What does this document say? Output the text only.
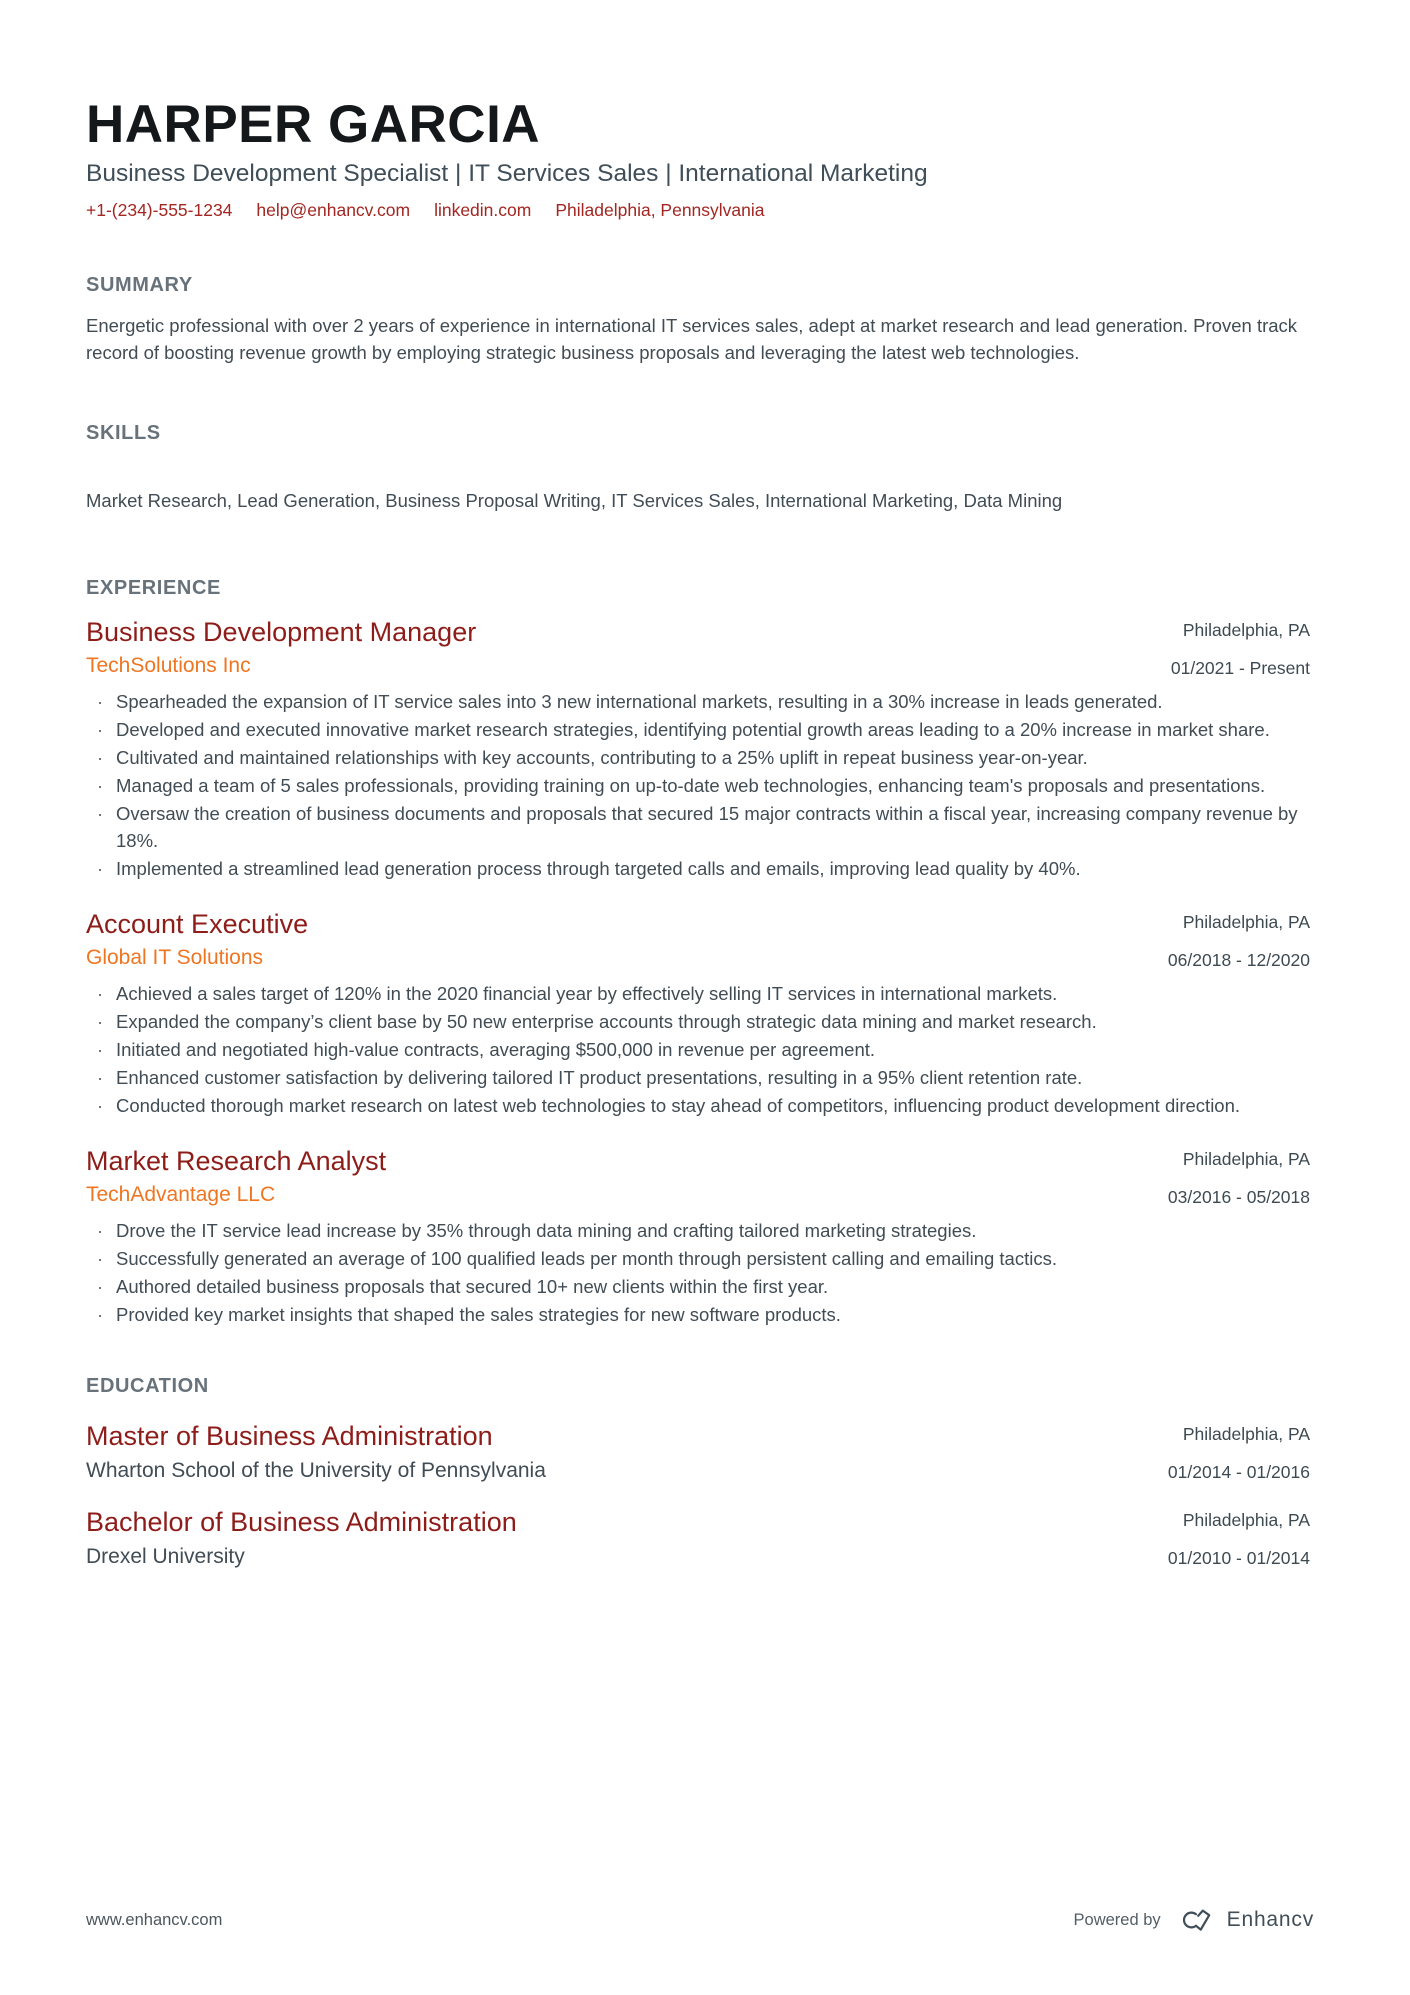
HARPER GARCIA
Business Development Specialist | IT Services Sales | International Marketing
+1-(234)-555-1234 help@enhancv.com linkedin.com Philadelphia, Pennsylvania
SUMMARY
Energetic professional with over 2 years of experience in international IT services sales, adept at market research and lead generation. Proven track record of boosting revenue growth by employing strategic business proposals and leveraging the latest web technologies.
SKILLS
Market Research, Lead Generation, Business Proposal Writing, IT Services Sales, International Marketing, Data Mining
EXPERIENCE
Business Development Manager
TechSolutions Inc
Philadelphia, PA
01/2021 - Present
· Spearheaded the expansion of IT service sales into 3 new international markets, resulting in a 30% increase in leads generated.
· Developed and executed innovative market research strategies, identifying potential growth areas leading to a 20% increase in market share.
· Cultivated and maintained relationships with key accounts, contributing to a 25% uplift in repeat business year-on-year.
· Managed a team of 5 sales professionals, providing training on up-to-date web technologies, enhancing team's proposals and presentations.
· Oversaw the creation of business documents and proposals that secured 15 major contracts within a fiscal year, increasing company revenue by 18%.
· Implemented a streamlined lead generation process through targeted calls and emails, improving lead quality by 40%.
Account Executive
Global IT Solutions
Philadelphia, PA
06/2018 - 12/2020
· Achieved a sales target of 120% in the 2020 financial year by effectively selling IT services in international markets.
· Expanded the company’s client base by 50 new enterprise accounts through strategic data mining and market research.
· Initiated and negotiated high-value contracts, averaging $500,000 in revenue per agreement.
· Enhanced customer satisfaction by delivering tailored IT product presentations, resulting in a 95% client retention rate.
· Conducted thorough market research on latest web technologies to stay ahead of competitors, influencing product development direction.
Market Research Analyst
TechAdvantage LLC
Philadelphia, PA
03/2016 - 05/2018
· Drove the IT service lead increase by 35% through data mining and crafting tailored marketing strategies.
· Successfully generated an average of 100 qualified leads per month through persistent calling and emailing tactics.
· Authored detailed business proposals that secured 10+ new clients within the first year.
· Provided key market insights that shaped the sales strategies for new software products.
EDUCATION
Master of Business Administration
Wharton School of the University of Pennsylvania
Philadelphia, PA
01/2014 - 01/2016
Bachelor of Business Administration
Drexel University
Philadelphia, PA
01/2010 - 01/2014
www.enhancv.com	Powered by	Enhancv
